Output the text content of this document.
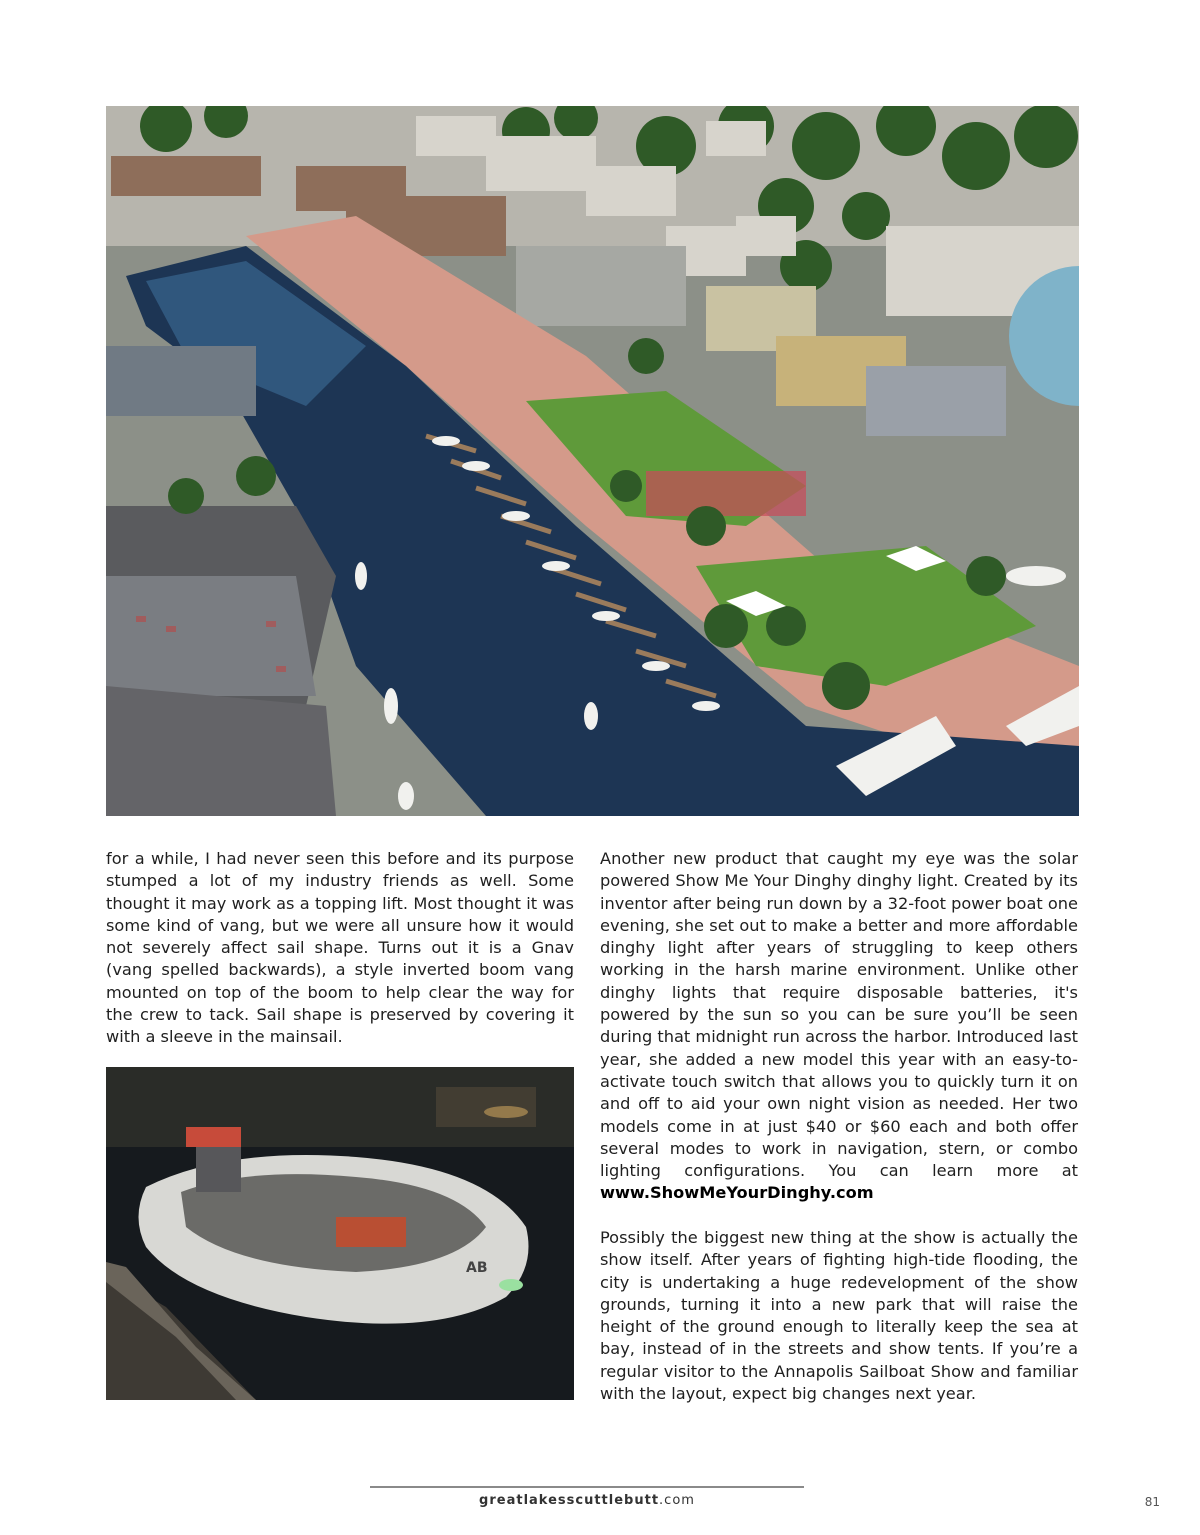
for a while, I had never seen this before and its purpose stumped a lot of my industry friends as well. Some thought it may work as a topping lift. Most thought it was some kind of vang, but we were all unsure how it would not severely affect sail shape. Turns out it is a Gnav (vang spelled backwards), a style inverted boom vang mounted on top of the boom to help clear the way for the crew to tack. Sail shape is preserved by covering it with a sleeve in the mainsail.
AB
Another new product that caught my eye was the solar powered Show Me Your Dinghy dinghy light. Created by its inventor after being run down by a 32-foot power boat one evening, she set out to make a better and more affordable dinghy light after years of struggling to keep others working in the harsh marine environment. Unlike other dinghy lights that require disposable batteries, it's powered by the sun so you can be sure you’ll be seen during that midnight run across the harbor. Introduced last year, she added a new model this year with an easy-to-activate touch switch that allows you to quickly turn it on and off to aid your own night vision as needed. Her two models come in at just $40 or $60 each and both offer several modes to work in navigation, stern, or combo lighting configurations. You can learn more at www.ShowMeYourDinghy.com
Possibly the biggest new thing at the show is actually the show itself. After years of fighting high-tide flooding, the city is undertaking a huge redevelopment of the show grounds, turning it into a new park that will raise the height of the ground enough to literally keep the sea at bay, instead of in the streets and show tents. If you’re a regular visitor to the Annapolis Sailboat Show and familiar with the layout, expect big changes next year.
greatlakesscuttlebutt.com	81
